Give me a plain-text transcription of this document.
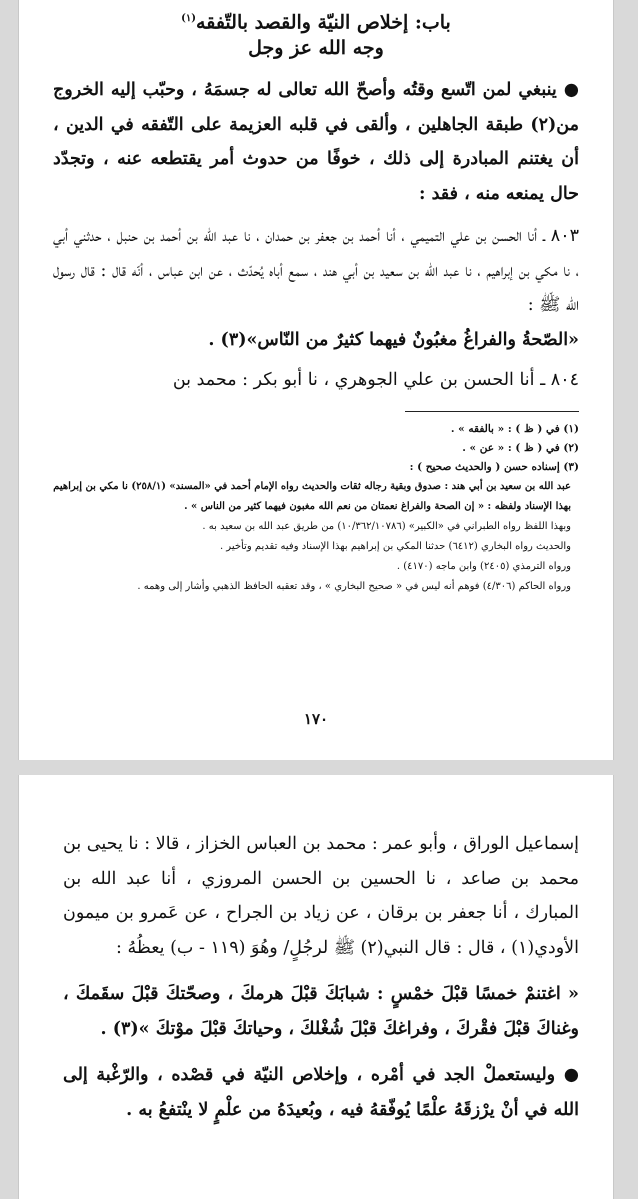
باب: إخلاص النيّة والقصد بالتّفقه$^{(١)}$

وجه الله عز وجل

● ينبغي لمن اتّسع وقتُه وأصحّ الله تعالى له جسمَهُ ، وحبّب إليه الخروج من(٢) طبقة الجاهلين ، وألقى في قلبه العزيمة على التّفقه في الدين ، أن يغتنم المبادرة إلى ذلك ، خوفًا من حدوث أمر يقتطعه عنه ، وتجدّد حال يمنعه منه ، فقد :

٨٠٣ ـ أنا الحسن بن علي التميمي ، أنا أحمد بن جعفر بن حمدان ، نا عبد الله بن أحمد بن حنبل ، حدثني أبي ، نا مكي بن إبراهيم ، نا عبد الله بن سعيد بن أبي هند ، سمع أباه يُحدّث ، عن ابن عباس ، أنّه قال : قال رسول الله ﷺ :

«الصّحةُ والفراغُ مغبُونٌ فيهما كثيرٌ من النّاس»(٣) .

٨٠٤ ـ أنا الحسن بن علي الجوهري ، نا أبو بكر : محمد بن

(١) في ( ظ ) : « بالفقه » .

(٢) في ( ظ ) : « عن » .

(٣) إسناده حسن ( والحديث صحيح ) :

عبد الله بن سعيد بن أبي هند : صدوق وبقية رجاله ثقات والحديث رواه الإمام أحمد في «المسند» (٢٥٨/١) نا مكي بن إبراهيم بهذا الإسناد ولفظه : « إن الصحة والفراغ نعمتان من نعم الله مغبون فيهما كثير من الناس » .

وبهذا اللفظ رواه الطبراني في «الكبير» (١٠/٣٦٢/١٠٧٨٦) من طريق عبد الله بن سعيد به .

والحديث رواه البخاري (٦٤١٢) حدثنا المكي بن إبراهيم بهذا الإسناد وفيه تقديم وتأخير .

ورواه الترمذي (٢٤٠٥) وابن ماجه (٤١٧٠) .

ورواه الحاكم (٤/٣٠٦) فوهم أنه ليس في « صحيح البخاري » ، وقد تعقبه الحافظ الذهبي وأشار إلى وهمه .

١٧٠

إسماعيل الوراق ، وأبو عمر : محمد بن العباس الخزاز ، قالا : نا يحيى بن محمد بن صاعد ، نا الحسين بن الحسن المروزي ، أنا عبد الله بن المبارك ، أنا جعفر بن برقان ، عن زياد بن الجراح ، عن عَمرو بن ميمون الأودي(١) ، قال : قال النبي(٢) ﷺ لرجُلٍ/ وهُوَ (١١٩ - ب) يعظُهُ :

« اغتنمْ خمسًا قبْلَ خمْسٍ : شبابَكَ قبْلَ هرمكَ ، وصحّتكَ قبْلَ سقَمكَ ، وغناكَ قبْلَ فقْركَ ، وفراغكَ قبْلَ شُغْلكَ ، وحياتكَ قبْلَ موْتكَ »(٣) .

● وليستعملْ الجد في أمْره ، وإخلاص النيّة في قصْده ، والرّغْبة إلى الله في أنْ يرْزقَهُ علْمًا يُوفّقهُ فيه ، وبُعيدَهُ من علْمٍ لا ينْتفعُ به .
